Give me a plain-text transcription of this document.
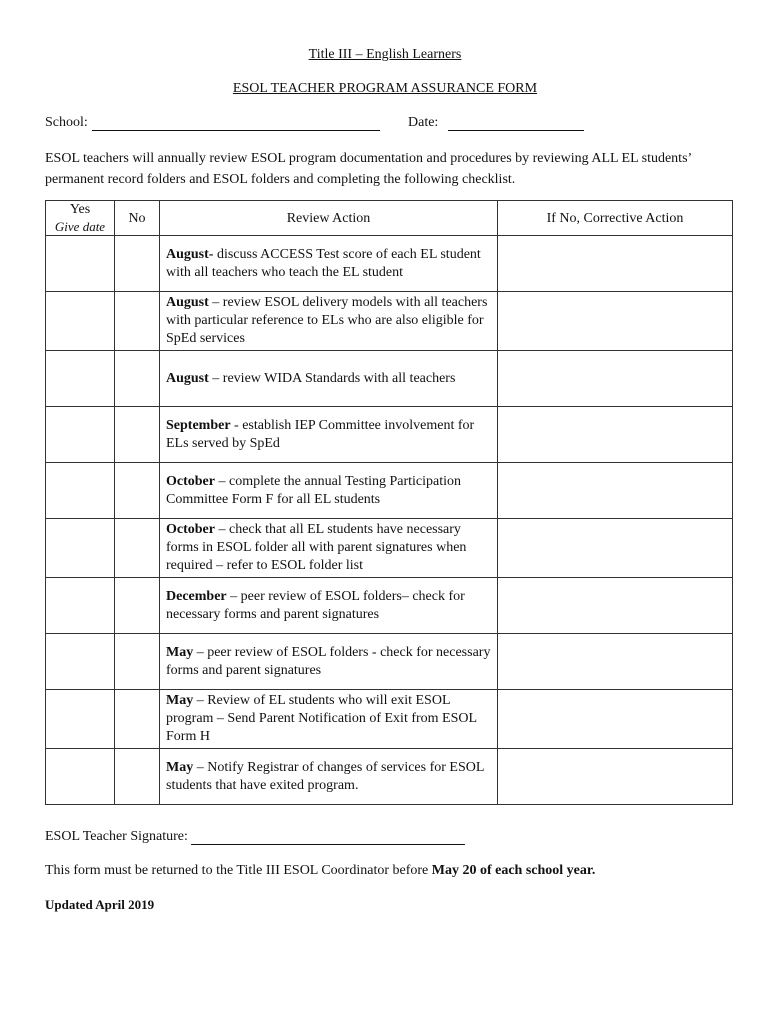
Title III – English Learners
ESOL TEACHER PROGRAM ASSURANCE FORM
School:	Date:
ESOL teachers will annually review ESOL program documentation and procedures by reviewing ALL EL students’ permanent record folders and ESOL folders and completing the following checklist.
Yes
Give date	No	Review Action	If No, Corrective Action
		August- discuss ACCESS Test score of each EL student with all teachers who teach the EL student	
		August – review ESOL delivery models with all teachers with particular reference to ELs who are also eligible for SpEd services	
		August – review WIDA Standards with all teachers	
		September - establish IEP Committee involvement for ELs served by SpEd	
		October – complete the annual Testing Participation Committee Form F for all EL students	
		October – check that all EL students have necessary forms in ESOL folder all with parent signatures when required – refer to ESOL folder list	
		December – peer review of ESOL folders– check for necessary forms and parent signatures	
		May – peer review of ESOL folders - check for necessary forms and parent signatures	
		May – Review of EL students who will exit ESOL program – Send Parent Notification of Exit from ESOL Form H	
		May – Notify Registrar of changes of services for ESOL students that have exited program.	
ESOL Teacher Signature:
This form must be returned to the Title III ESOL Coordinator before May 20 of each school year.
Updated April 2019
